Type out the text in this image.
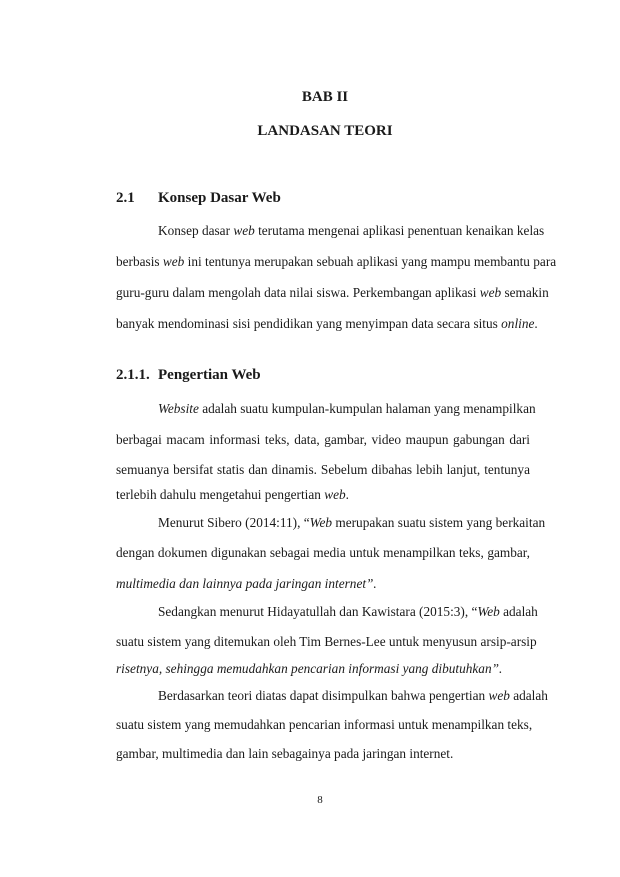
BAB II

LANDASAN TEORI

2.1 Konsep Dasar Web

Konsep dasar web terutama mengenai aplikasi penentuan kenaikan kelas

berbasis web ini tentunya merupakan sebuah aplikasi yang mampu membantu para

guru-guru dalam mengolah data nilai siswa. Perkembangan aplikasi web semakin

banyak mendominasi sisi pendidikan yang menyimpan data secara situs online.

2.1.1. Pengertian Web

Website adalah suatu kumpulan-kumpulan halaman yang menampilkan

berbagai macam informasi teks, data, gambar, video maupun gabungan dari

semuanya bersifat statis dan dinamis. Sebelum dibahas lebih lanjut, tentunya

terlebih dahulu mengetahui pengertian web.

Menurut Sibero (2014:11), “Web merupakan suatu sistem yang berkaitan

dengan dokumen digunakan sebagai media untuk menampilkan teks, gambar,

multimedia dan lainnya pada jaringan internet”.

Sedangkan menurut Hidayatullah dan Kawistara (2015:3), “Web adalah

suatu sistem yang ditemukan oleh Tim Bernes-Lee untuk menyusun arsip-arsip

risetnya, sehingga memudahkan pencarian informasi yang dibutuhkan”.

Berdasarkan teori diatas dapat disimpulkan bahwa pengertian web adalah

suatu sistem yang memudahkan pencarian informasi untuk menampilkan teks,

gambar, multimedia dan lain sebagainya pada jaringan internet.

8
